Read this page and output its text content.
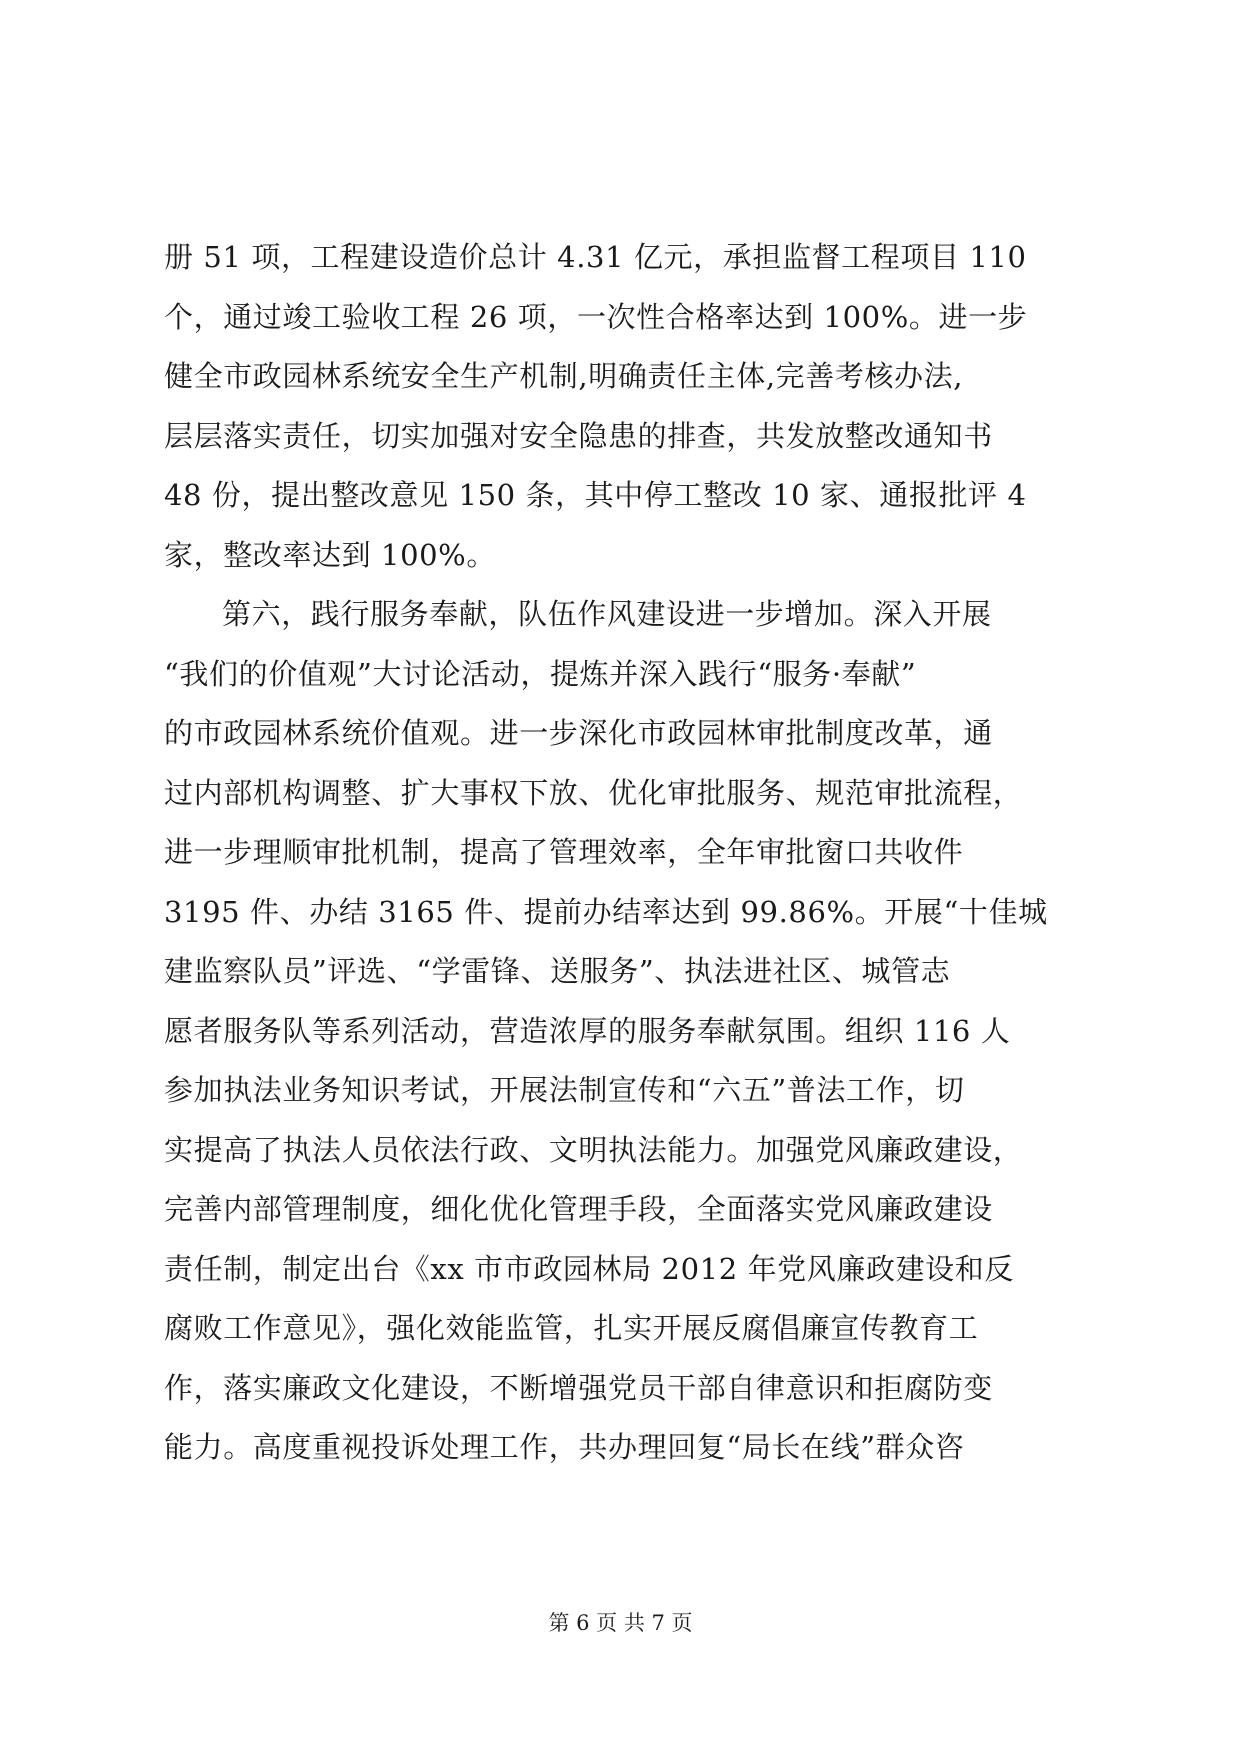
册 51 项，工程建设造价总计 4.31 亿元，承担监督工程项目 110
个，通过竣工验收工程 26 项，一次性合格率达到 100%。进一步
健全市政园林系统安全生产机制,明确责任主体,完善考核办法,
层层落实责任，切实加强对安全隐患的排查，共发放整改通知书
48 份，提出整改意见 150 条，其中停工整改 10 家、通报批评 4
家，整改率达到 100%。
第六，践行服务奉献，队伍作风建设进一步增加。深入开展
“我们的价值观”大讨论活动，提炼并深入践行“服务·奉献”
的市政园林系统价值观。进一步深化市政园林审批制度改革，通
过内部机构调整、扩大事权下放、优化审批服务、规范审批流程，
进一步理顺审批机制，提高了管理效率，全年审批窗口共收件
3195 件、办结 3165 件、提前办结率达到 99.86%。开展“十佳城
建监察队员”评选、“学雷锋、送服务”、执法进社区、城管志
愿者服务队等系列活动，营造浓厚的服务奉献氛围。组织 116 人
参加执法业务知识考试，开展法制宣传和“六五”普法工作，切
实提高了执法人员依法行政、文明执法能力。加强党风廉政建设，
完善内部管理制度，细化优化管理手段，全面落实党风廉政建设
责任制，制定出台《xx 市市政园林局 2012 年党风廉政建设和反
腐败工作意见》，强化效能监管，扎实开展反腐倡廉宣传教育工
作，落实廉政文化建设，不断增强党员干部自律意识和拒腐防变
能力。高度重视投诉处理工作，共办理回复“局长在线”群众咨
第 6 页 共 7 页
